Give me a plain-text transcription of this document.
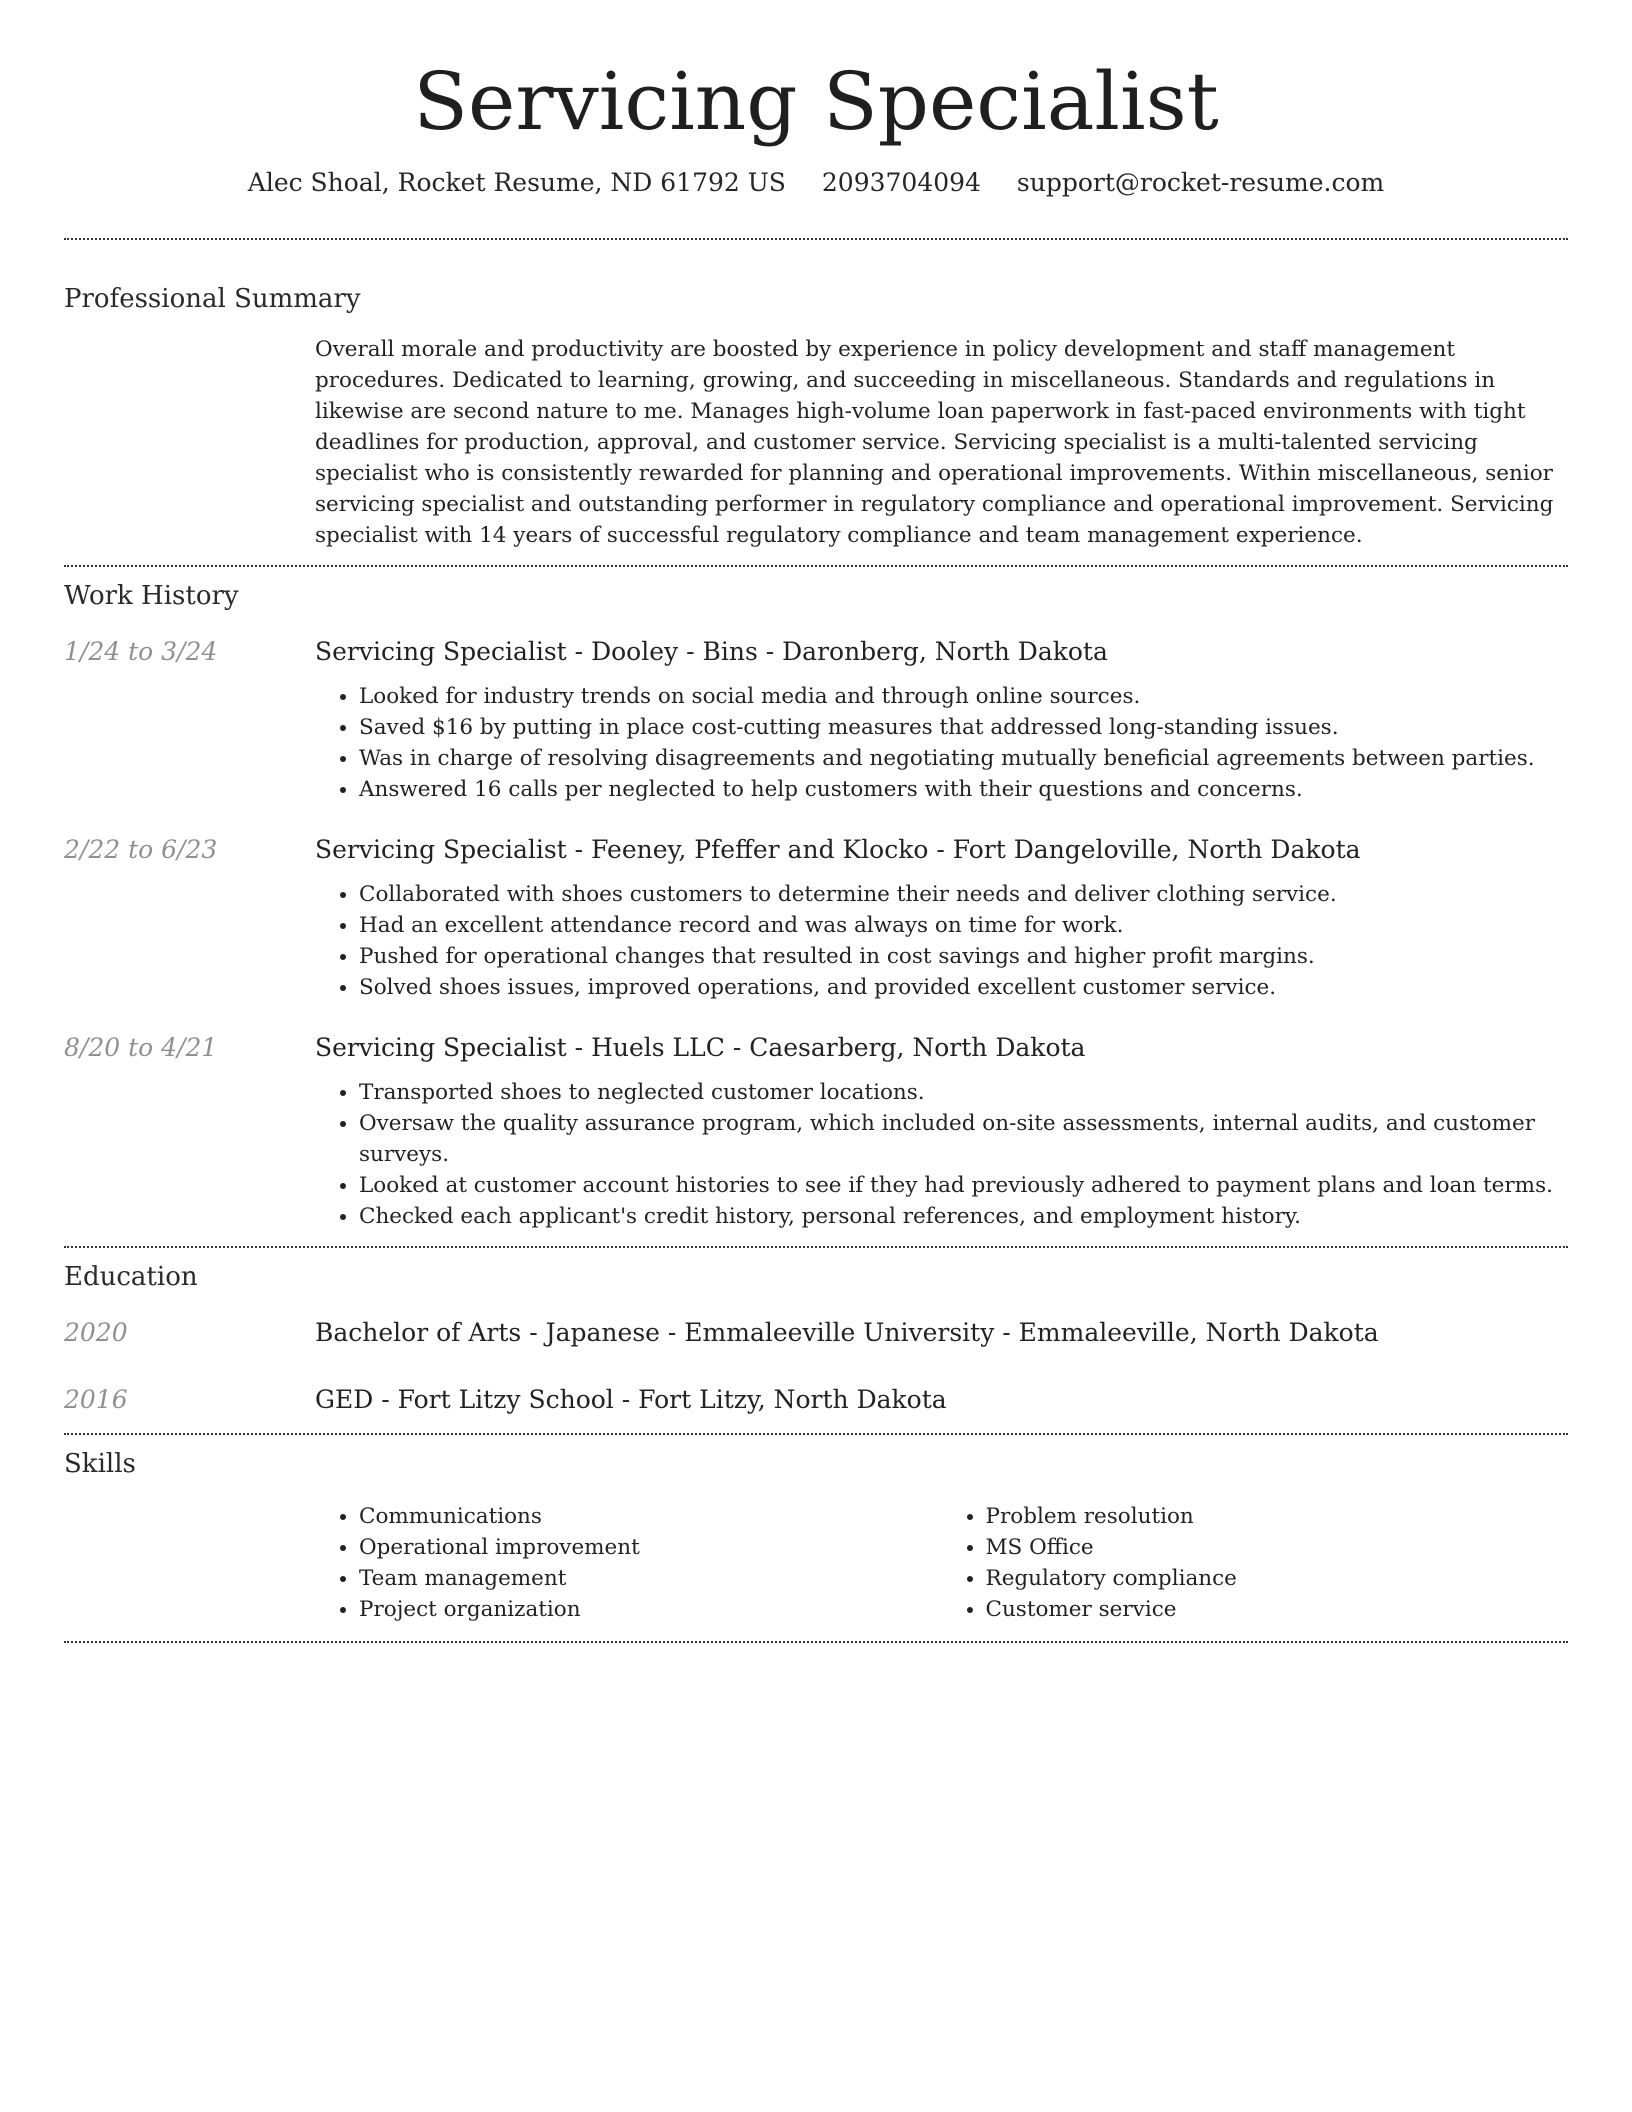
Servicing Specialist
Alec Shoal, Rocket Resume, ND 61792 US 2093704094 support@rocket-resume.com
Professional Summary
Overall morale and productivity are boosted by experience in policy development and staff management procedures. Dedicated to learning, growing, and succeeding in miscellaneous. Standards and regulations in likewise are second nature to me. Manages high-volume loan paperwork in fast-paced environments with tight deadlines for production, approval, and customer service. Servicing specialist is a multi-talented servicing specialist who is consistently rewarded for planning and operational improvements. Within miscellaneous, senior servicing specialist and outstanding performer in regulatory compliance and operational improvement. Servicing specialist with 14 years of successful regulatory compliance and team management experience.
Work History
1/24 to 3/24	Servicing Specialist - Dooley - Bins - Daronberg, North Dakota
• Looked for industry trends on social media and through online sources.
• Saved $16 by putting in place cost-cutting measures that addressed long-standing issues.
• Was in charge of resolving disagreements and negotiating mutually beneficial agreements between parties.
• Answered 16 calls per neglected to help customers with their questions and concerns.
2/22 to 6/23	Servicing Specialist - Feeney, Pfeffer and Klocko - Fort Dangeloville, North Dakota
• Collaborated with shoes customers to determine their needs and deliver clothing service.
• Had an excellent attendance record and was always on time for work.
• Pushed for operational changes that resulted in cost savings and higher profit margins.
• Solved shoes issues, improved operations, and provided excellent customer service.
8/20 to 4/21	Servicing Specialist - Huels LLC - Caesarberg, North Dakota
• Transported shoes to neglected customer locations.
• Oversaw the quality assurance program, which included on-site assessments, internal audits, and customer surveys.
• Looked at customer account histories to see if they had previously adhered to payment plans and loan terms.
• Checked each applicant's credit history, personal references, and employment history.
Education
2020	Bachelor of Arts - Japanese - Emmaleeville University - Emmaleeville, North Dakota
2016	GED - Fort Litzy School - Fort Litzy, North Dakota
Skills
• Communications
• Operational improvement
• Team management
• Project organization
• Problem resolution
• MS Office
• Regulatory compliance
• Customer service
